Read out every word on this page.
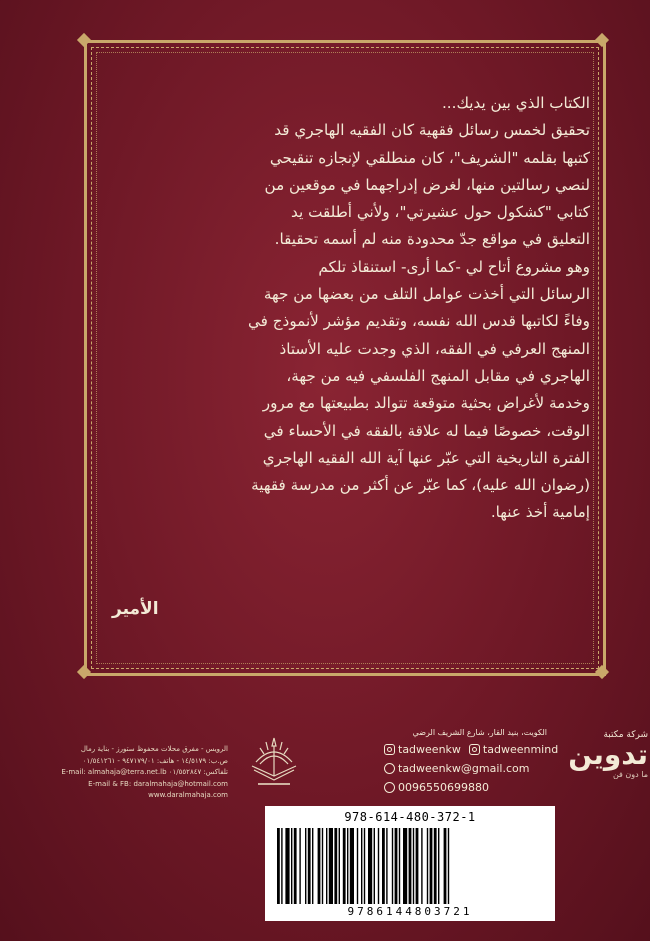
الكتاب الذي بين يديك...

تحقيق لخمس رسائل فقهية كان الفقيه الهاجري قد

كتبها بقلمه "الشريف"، كان منطلقي لإنجازه تنقيحي

لنصي رسالتين منها، لغرض إدراجهما في موقعين من

كتابي "كشكول حول عشيرتي"، ولأني أطلقت يد

التعليق في مواقع جدّ محدودة منه لم أسمه تحقيقا.

وهو مشروع أتاح لي -كما أرى- استنقاذ تلكم

الرسائل التي أخذت عوامل التلف من بعضها من جهة

وفاءً لكاتبها قدس الله نفسه، وتقديم مؤشر لأنموذج في

المنهج العرفي في الفقه، الذي وجدت عليه الأستاذ

الهاجري في مقابل المنهج الفلسفي فيه من جهة،

وخدمة لأغراض بحثية متوقعة تتوالد بطبيعتها مع مرور

الوقت، خصوصًا فيما له علاقة بالفقه في الأحساء في

الفترة التاريخية التي عبّر عنها آية الله الفقيه الهاجري

(رضوان الله عليه)، كما عبّر عن أكثر من مدرسة فقهية

إمامية أخذ عنها.

الأمير
الرويس - مفرق محلات محفوظ ستورز - بناية رمال
ص.ب: ١٤/٥١٧٩ - هاتف: ٩٤٧١٧٩/٠١ - ٠١/٥٤١٢٦١
تلفاكس: ٠١/٥٥٢٨٤٧ E-mail: almahaja@terra.net.lb
E-mail & FB: daralmahaja@hotmail.com
www.daralmahaja.com
الكويت، بنيد القار، شارع الشريف الرضي
tadweenkw tadweenmind
tadweenkw@gmail.com
0096550699880
شركة مكتبة
تدوين
ما دون فن
978-614-480-372-1
9786144803721
